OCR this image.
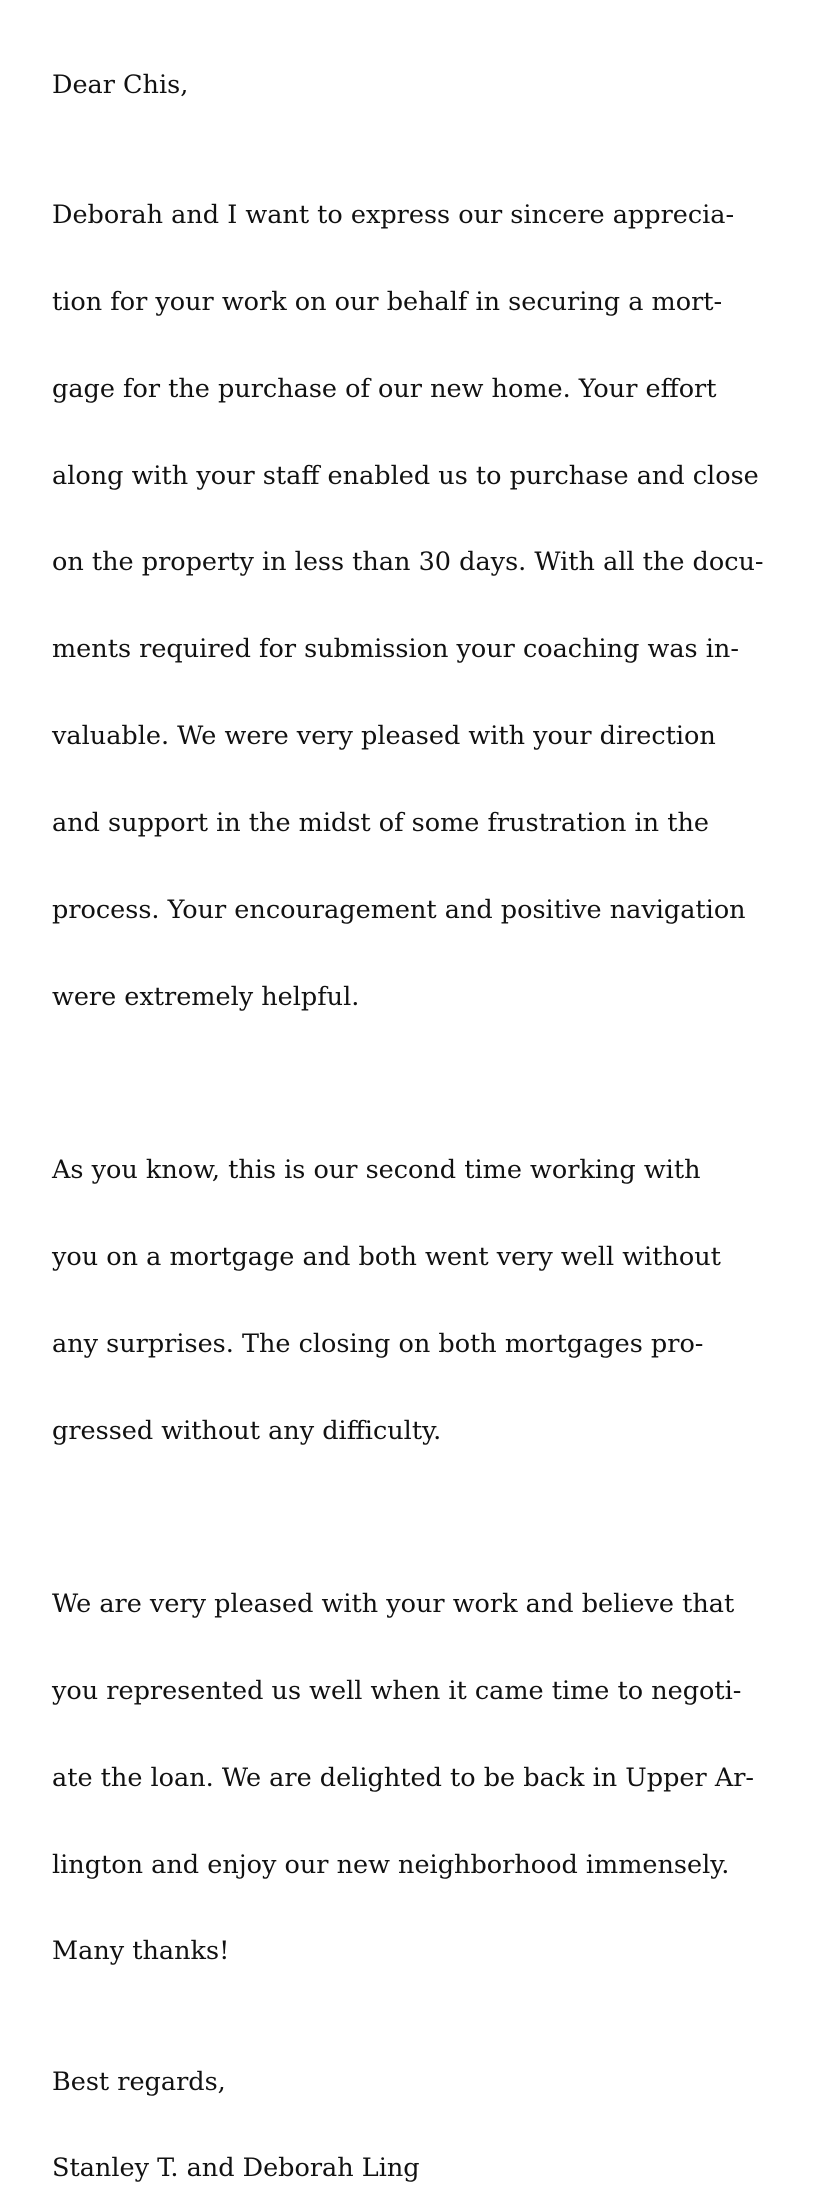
Dear Chis,

Deborah and I want to express our sincere apprecia-

tion for your work on our behalf in securing a mort-

gage for the purchase of our new home. Your effort

along with your staff enabled us to purchase and close

on the property in less than 30 days. With all the docu-

ments required for submission your coaching was in-

valuable. We were very pleased with your direction

and support in the midst of some frustration in the

process. Your encouragement and positive navigation

were extremely helpful.

As you know, this is our second time working with

you on a mortgage and both went very well without

any surprises. The closing on both mortgages pro-

gressed without any difficulty.

We are very pleased with your work and believe that

you represented us well when it came time to negoti-

ate the loan. We are delighted to be back in Upper Ar-

lington and enjoy our new neighborhood immensely.

Many thanks!

Best regards,

Stanley T. and Deborah Ling
